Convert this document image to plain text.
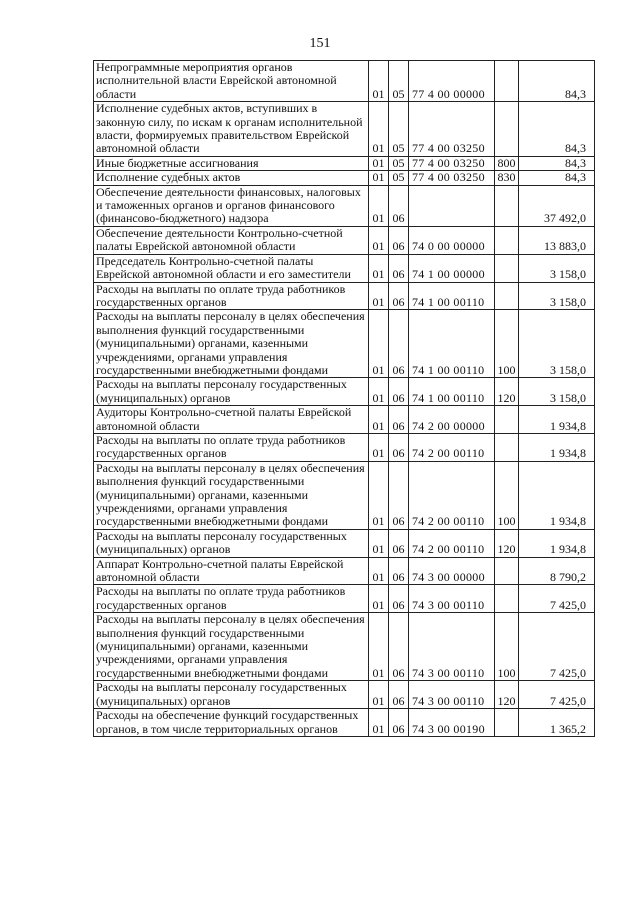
151
Непрограммные мероприятия органов исполнительной власти Еврейской автономной области	01	05	77 4 00 00000		84,3
Исполнение судебных актов, вступивших в законную силу, по искам к органам исполнительной власти, формируемых правительством Еврейской автономной области	01	05	77 4 00 03250		84,3
Иные бюджетные ассигнования	01	05	77 4 00 03250	800	84,3
Исполнение судебных актов	01	05	77 4 00 03250	830	84,3
Обеспечение деятельности финансовых, налоговых и таможенных органов и органов финансового (финансово-бюджетного) надзора	01	06			37 492,0
Обеспечение деятельности Контрольно-счетной палаты Еврейской автономной области	01	06	74 0 00 00000		13 883,0
Председатель Контрольно-счетной палаты Еврейской автономной области и его заместители	01	06	74 1 00 00000		3 158,0
Расходы на выплаты по оплате труда работников государственных органов	01	06	74 1 00 00110		3 158,0
Расходы на выплаты персоналу в целях обеспечения выполнения функций государственными (муниципальными) органами, казенными учреждениями, органами управления государственными внебюджетными фондами	01	06	74 1 00 00110	100	3 158,0
Расходы на выплаты персоналу государственных (муниципальных) органов	01	06	74 1 00 00110	120	3 158,0
Аудиторы Контрольно-счетной палаты Еврейской автономной области	01	06	74 2 00 00000		1 934,8
Расходы на выплаты по оплате труда работников государственных органов	01	06	74 2 00 00110		1 934,8
Расходы на выплаты персоналу в целях обеспечения выполнения функций государственными (муниципальными) органами, казенными учреждениями, органами управления государственными внебюджетными фондами	01	06	74 2 00 00110	100	1 934,8
Расходы на выплаты персоналу государственных (муниципальных) органов	01	06	74 2 00 00110	120	1 934,8
Аппарат Контрольно-счетной палаты Еврейской автономной области	01	06	74 3 00 00000		8 790,2
Расходы на выплаты по оплате труда работников государственных органов	01	06	74 3 00 00110		7 425,0
Расходы на выплаты персоналу в целях обеспечения выполнения функций государственными (муниципальными) органами, казенными учреждениями, органами управления государственными внебюджетными фондами	01	06	74 3 00 00110	100	7 425,0
Расходы на выплаты персоналу государственных (муниципальных) органов	01	06	74 3 00 00110	120	7 425,0
Расходы на обеспечение функций государственных органов, в том числе территориальных органов	01	06	74 3 00 00190		1 365,2
